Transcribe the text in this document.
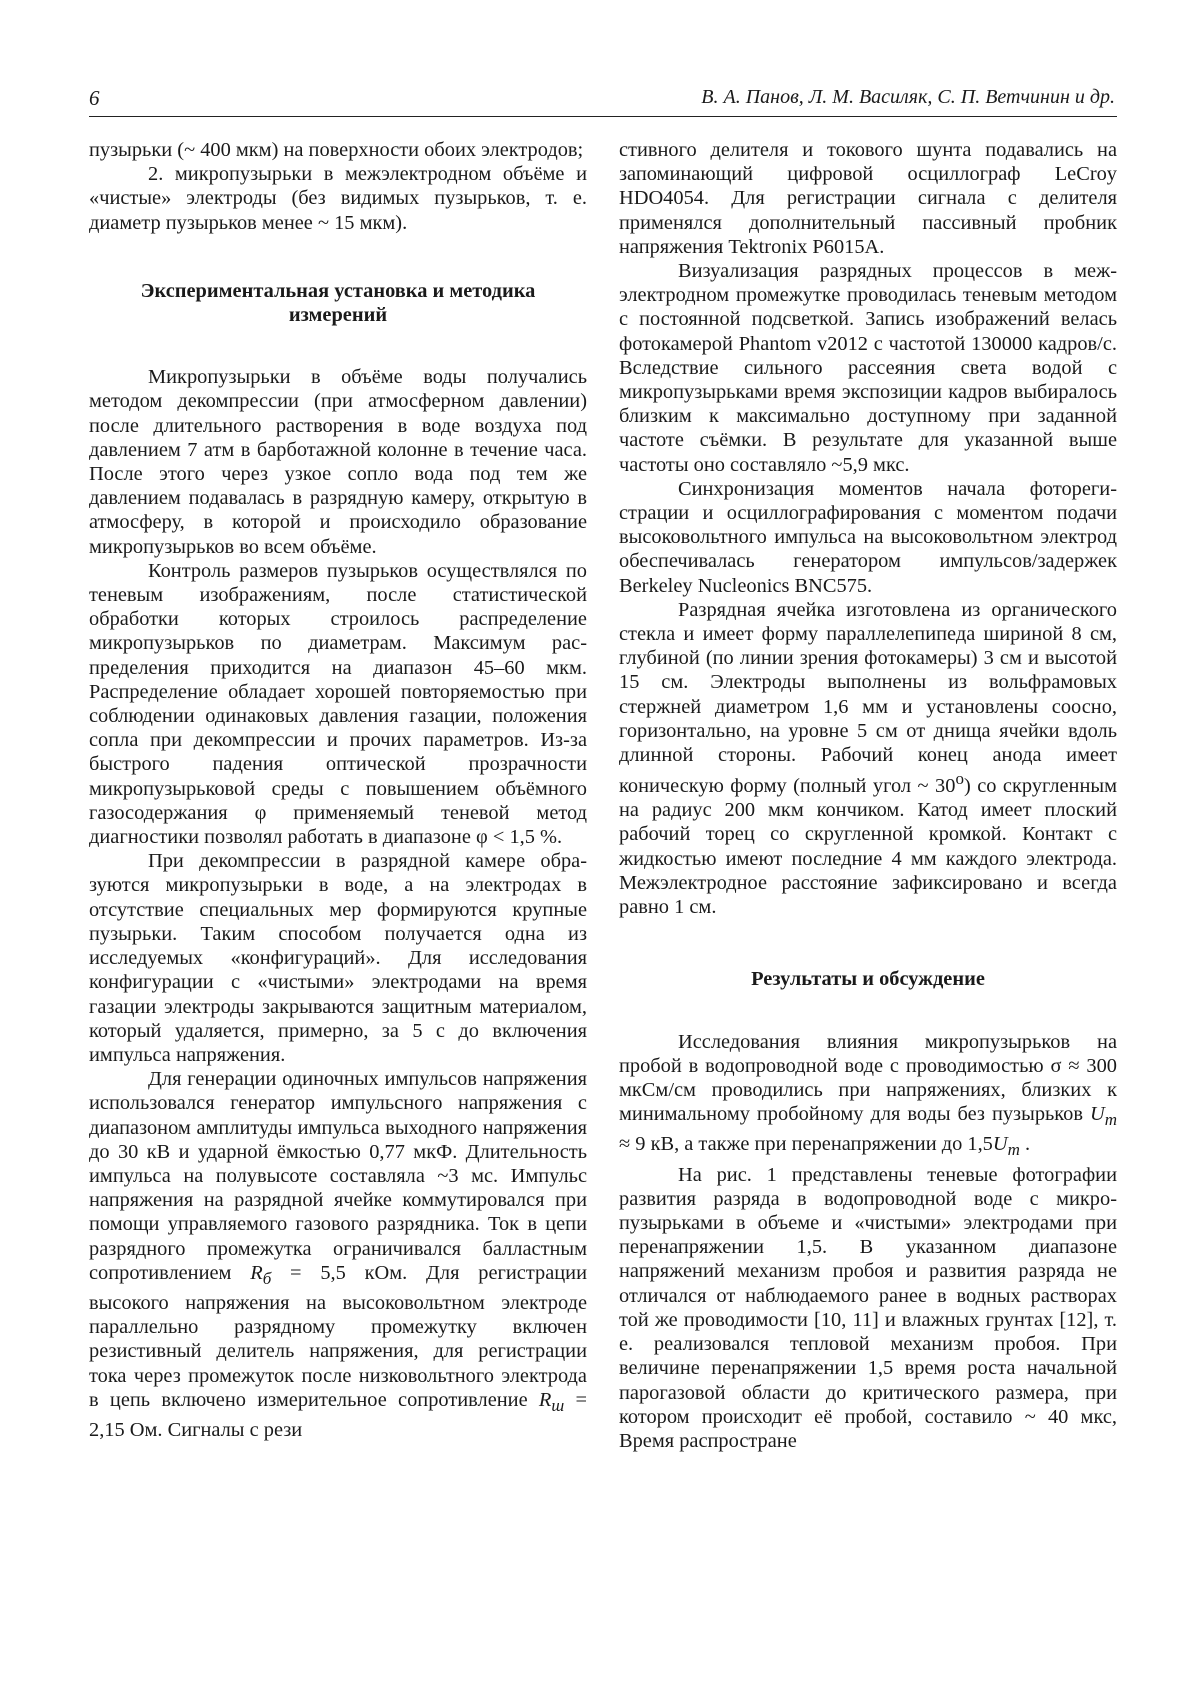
6	В. А. Панов, Л. М. Василяк, С. П. Ветчинин и др.

пузырьки (~ 400 мкм) на поверхности обоих электродов;

2. микропузырьки в межэлектродном объёме и «чистые» электроды (без видимых пузырьков, т. е. диаметр пузырьков менее ~ 15 мкм).

Экспериментальная установка и методика измерений

Микропузырьки в объёме воды получались методом декомпрессии (при атмосферном давлении) после длительного растворения в воде воздуха под давлением 7 атм в барботажной колонне в течение часа. После этого через узкое сопло вода под тем же давлением подавалась в разрядную камеру, открытую в атмосферу, в которой и происходило образование микропузырьков во всем объёме.

Контроль размеров пузырьков осуществлялся по теневым изображениям, после статистической обработки которых строилось распределение микропузырьков по диаметрам. Максимум распределения приходится на диапазон 45–60 мкм. Распределение обладает хорошей повторяемостью при соблюдении одинаковых давления газации, положения сопла при декомпрессии и прочих параметров. Из-за быстрого падения оптической прозрачности микропузырьковой среды с повышением объёмного газосодержания φ применяемый теневой метод диагностики позволял работать в диапазоне φ < 1,5 %.

При декомпрессии в разрядной камере образуются микропузырьки в воде, а на электродах в отсутствие специальных мер формируются крупные пузырьки. Таким способом получается одна из исследуемых «конфигураций». Для исследования конфигурации с «чистыми» электродами на время газации электроды закрываются защитным материалом, который удаляется, примерно, за 5 с до включения импульса напряжения.

Для генерации одиночных импульсов напряжения использовался генератор импульсного напряжения с диапазоном амплитуды импульса выходного напряжения до 30 кВ и ударной ёмкостью 0,77 мкФ. Длительность импульса на полувысоте составляла ~3 мс. Импульс напряжения на разрядной ячейке коммутировался при помощи управляемого газового разрядника. Ток в цепи разрядного промежутка ограничивался балластным сопротивлением $R_б = 5,5$ кОм. Для регистрации высокого напряжения на высоковольтном электроде параллельно разрядному промежутку включен резистивный делитель напряжения, для регистрации тока через промежуток после низковольтного электрода в цепь включено измерительное сопротивление $R_ш = 2,15$ Ом. Сигналы с рези

стивного делителя и токового шунта подавались на запоминающий цифровой осциллограф LeCroy HDO4054. Для регистрации сигнала с делителя применялся дополнительный пассивный пробник напряжения Tektronix P6015A.

Визуализация разрядных процессов в межэлектродном промежутке проводилась теневым методом с постоянной подсветкой. Запись изображений велась фотокамерой Phantom v2012 с частотой 130000 кадров/с. Вследствие сильного рассеяния света водой с микропузырьками время экспозиции кадров выбиралось близким к максимально доступному при заданной частоте съёмки. В результате для указанной выше частоты оно составляло ~5,9 мкс.

Синхронизация моментов начала фоторегистрации и осциллографирования с моментом подачи высоковольтного импульса на высоковольтном электрод обеспечивалась генератором импульсов/задержек Berkeley Nucleonics BNC575.

Разрядная ячейка изготовлена из органического стекла и имеет форму параллелепипеда шириной 8 см, глубиной (по линии зрения фотокамеры) 3 см и высотой 15 см. Электроды выполнены из вольфрамовых стержней диаметром 1,6 мм и установлены соосно, горизонтально, на уровне 5 см от днища ячейки вдоль длинной стороны. Рабочий конец анода имеет коническую форму (полный угол ~ 30$^o$) со скругленным на радиус 200 мкм кончиком. Катод имеет плоский рабочий торец со скругленной кромкой. Контакт с жидкостью имеют последние 4 мм каждого электрода. Межэлектродное расстояние зафиксировано и всегда равно 1 см.

Результаты и обсуждение

Исследования влияния микропузырьков на пробой в водопроводной воде с проводимостью σ ≈ 300 мкСм/см проводились при напряжениях, близких к минимальному пробойному для воды без пузырьков $U_m \approx 9$ кВ, а также при перенапряжении до $1,5U_m$ .

На рис. 1 представлены теневые фотографии развития разряда в водопроводной воде с микропузырьками в объеме и «чистыми» электродами при перенапряжении 1,5. В указанном диапазоне напряжений механизм пробоя и развития разряда не отличался от наблюдаемого ранее в водных растворах той же проводимости [10, 11] и влажных грунтах [12], т. е. реализовался тепловой механизм пробоя. При величине перенапряжении 1,5 время роста начальной парогазовой области до критического размера, при котором происходит её пробой, составило ~ 40 мкс, Время распростране
